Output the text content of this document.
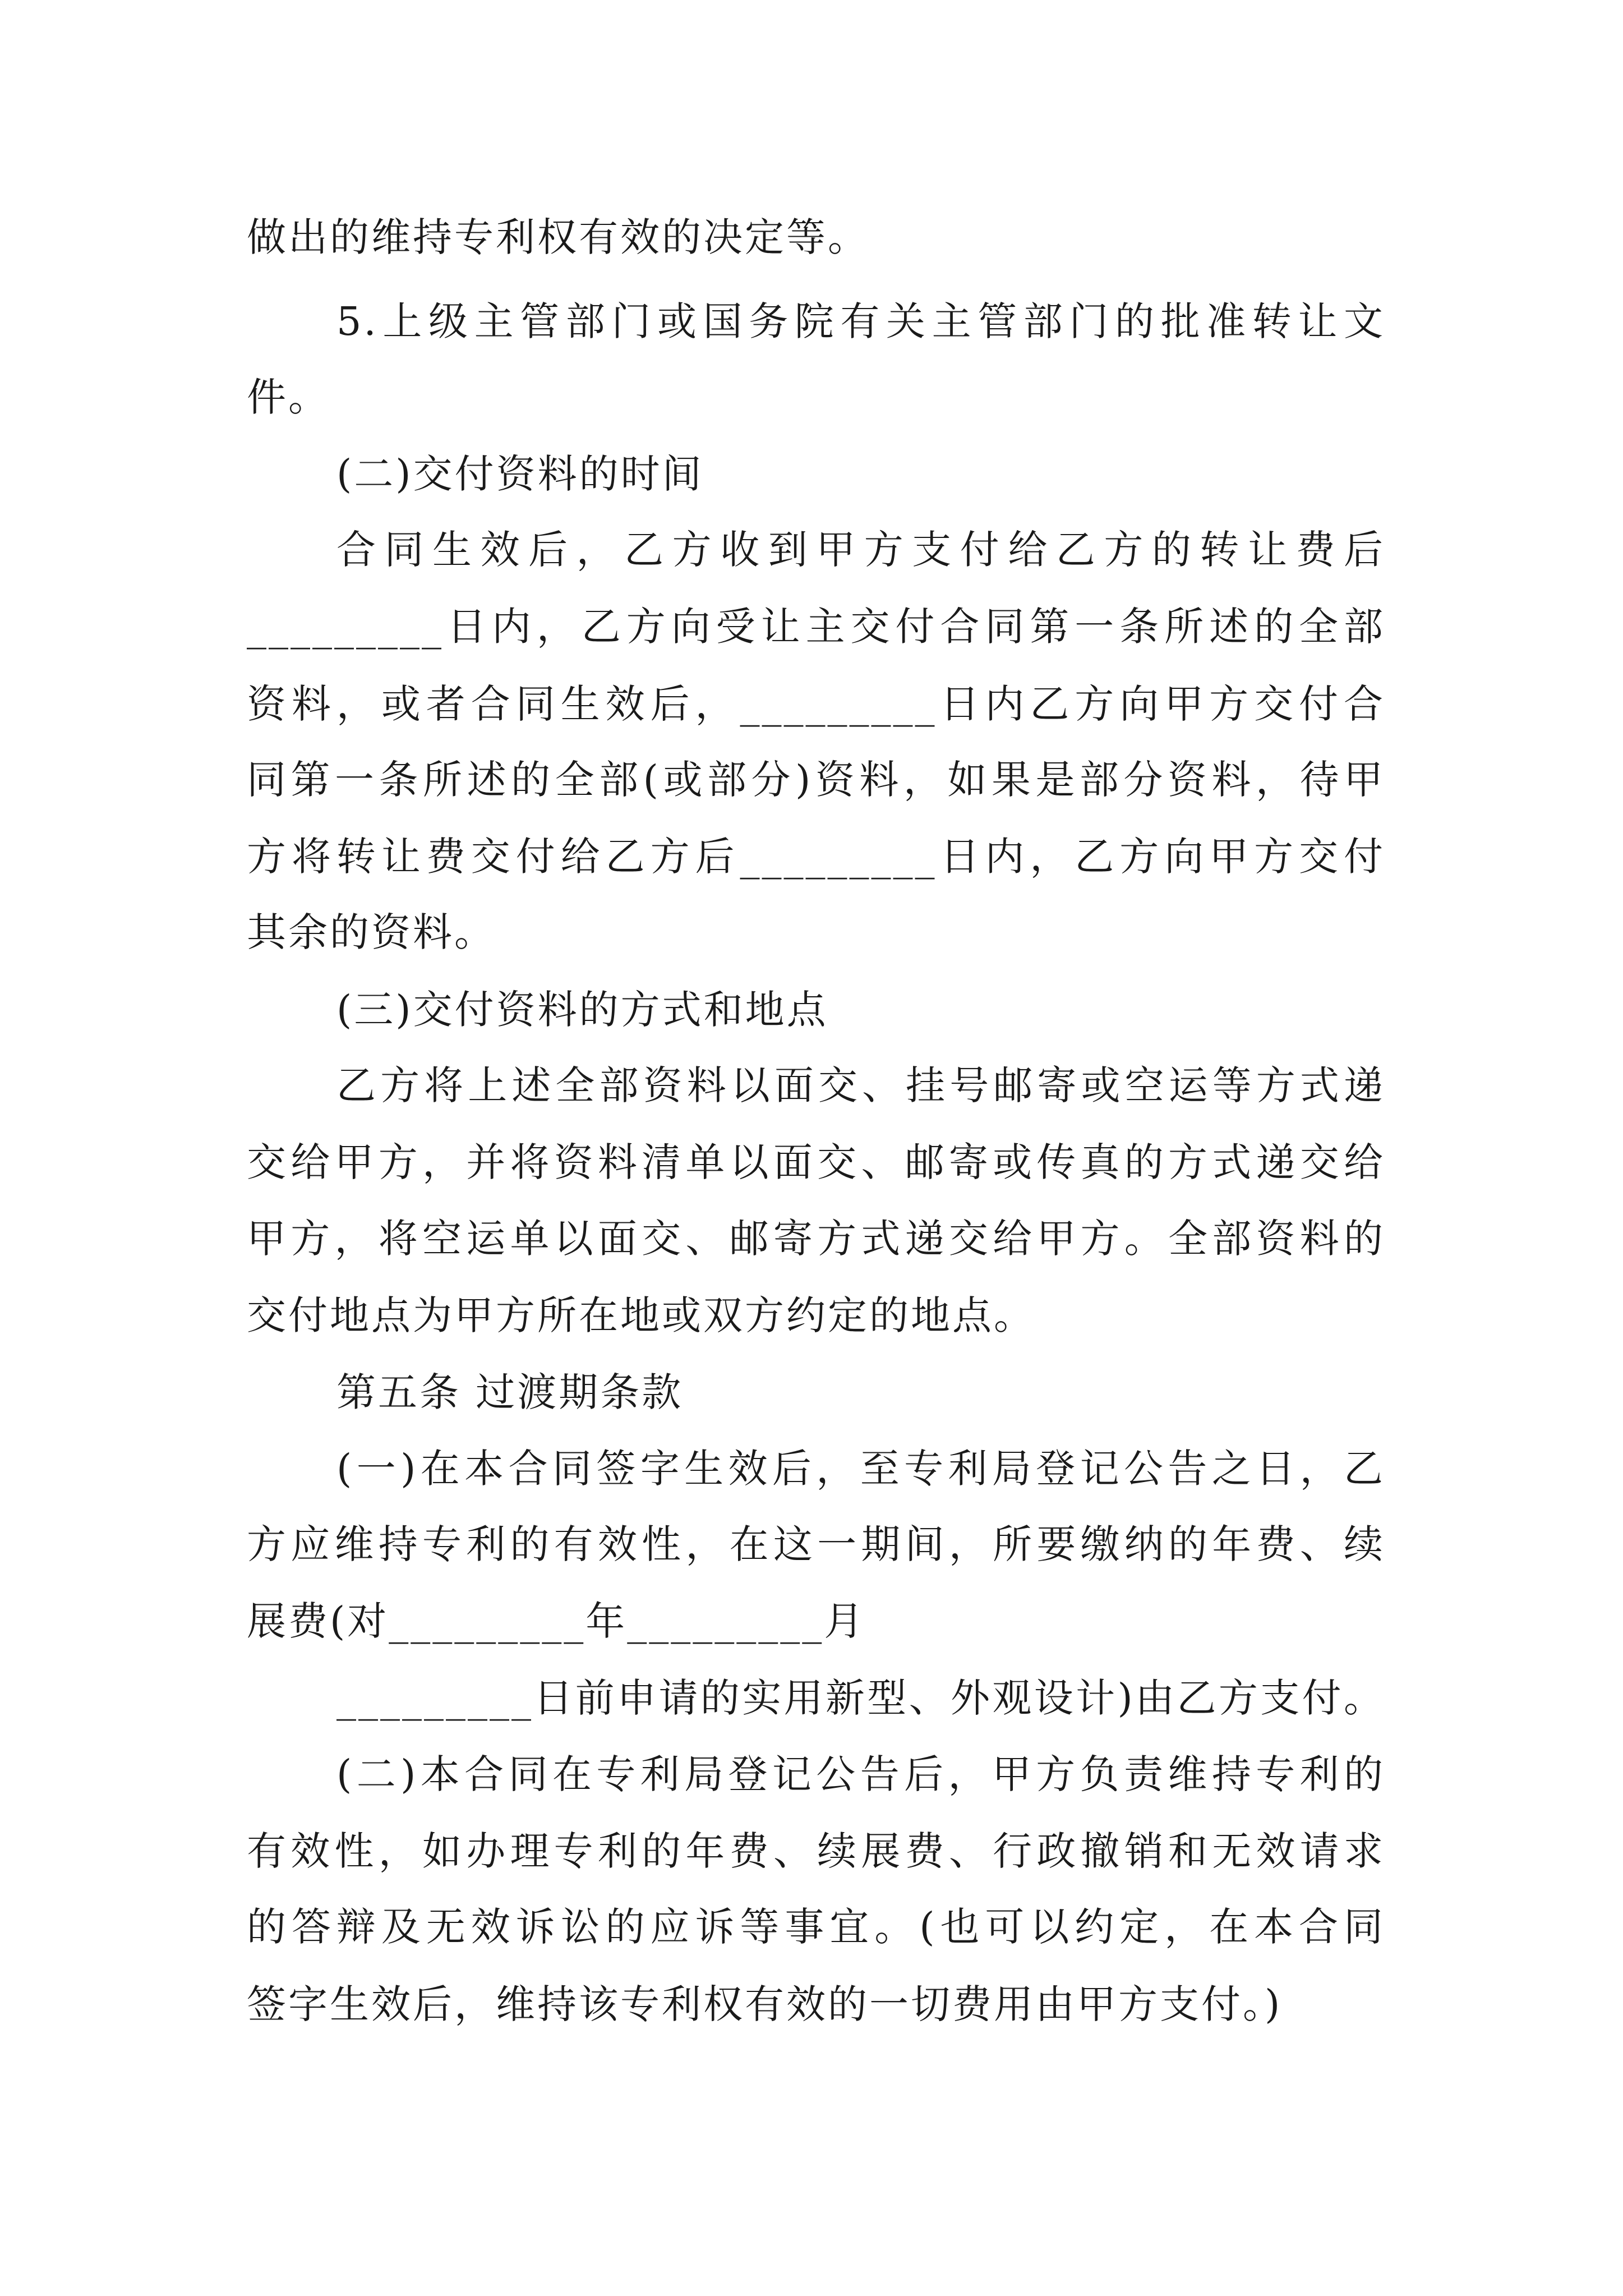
做出的维持专利权有效的决定等。
5.上级主管部门或国务院有关主管部门的批准转让文
件。
(二)交付资料的时间
合同生效后，乙方收到甲方支付给乙方的转让费后
_________日内，乙方向受让主交付合同第一条所述的全部
资料，或者合同生效后，_________日内乙方向甲方交付合
同第一条所述的全部(或部分)资料，如果是部分资料，待甲
方将转让费交付给乙方后_________日内，乙方向甲方交付
其余的资料。
(三)交付资料的方式和地点
乙方将上述全部资料以面交、挂号邮寄或空运等方式递
交给甲方，并将资料清单以面交、邮寄或传真的方式递交给
甲方，将空运单以面交、邮寄方式递交给甲方。全部资料的
交付地点为甲方所在地或双方约定的地点。
第五条 过渡期条款
(一)在本合同签字生效后，至专利局登记公告之日，乙
方应维持专利的有效性，在这一期间，所要缴纳的年费、续
展费(对_________年_________月
_________日前申请的实用新型、外观设计)由乙方支付。
(二)本合同在专利局登记公告后，甲方负责维持专利的
有效性，如办理专利的年费、续展费、行政撤销和无效请求
的答辩及无效诉讼的应诉等事宜。(也可以约定，在本合同
签字生效后，维持该专利权有效的一切费用由甲方支付。)
